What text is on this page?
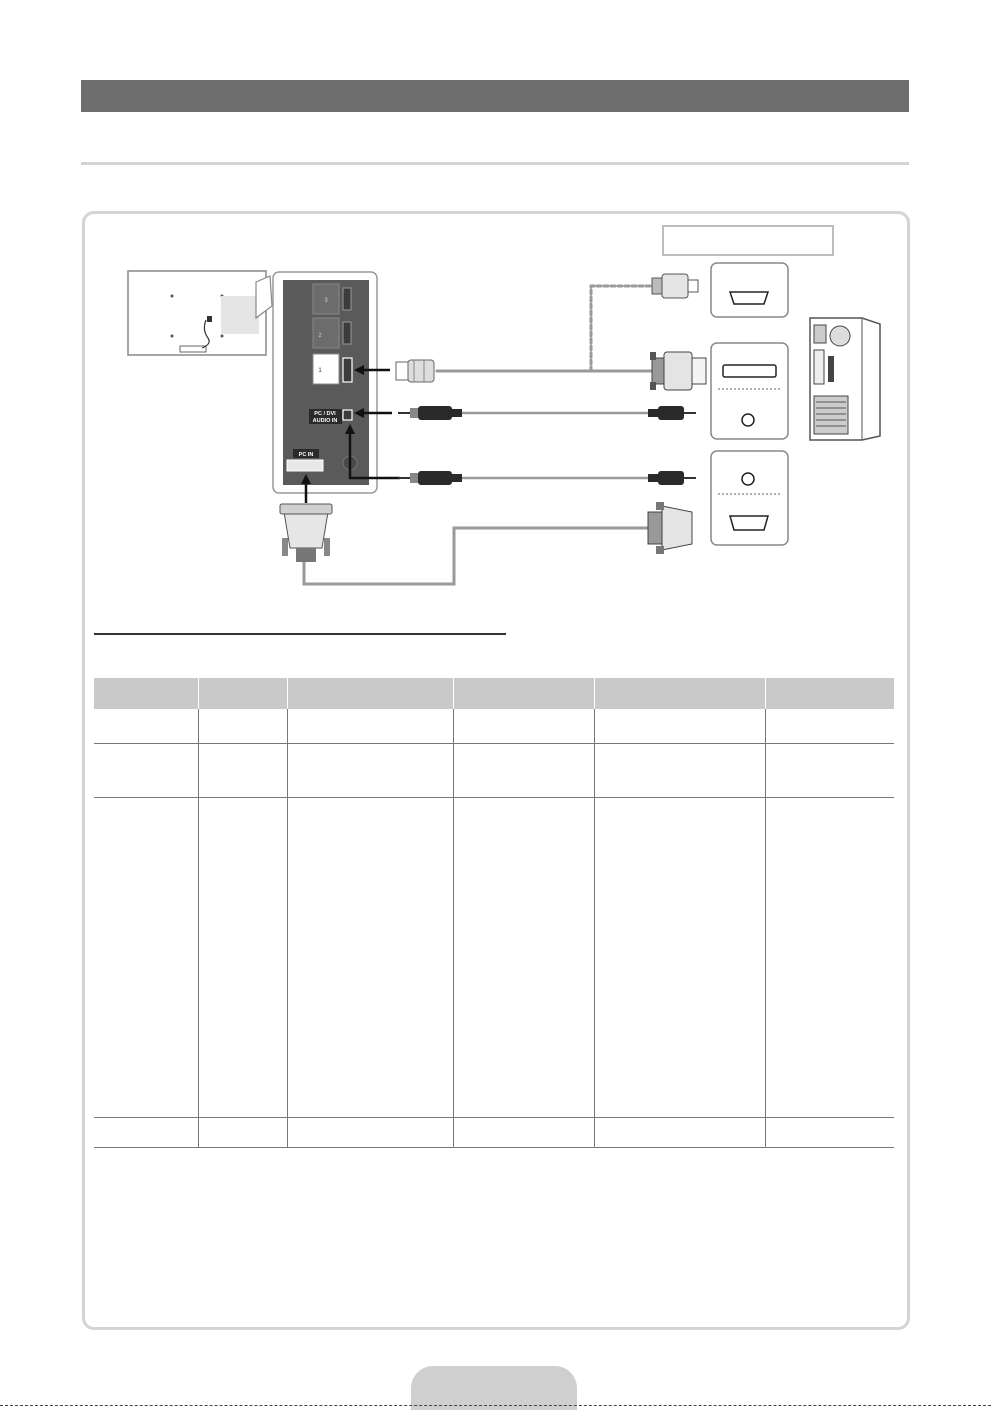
3
2
1
PC / DVI
AUDIO IN
PC IN
